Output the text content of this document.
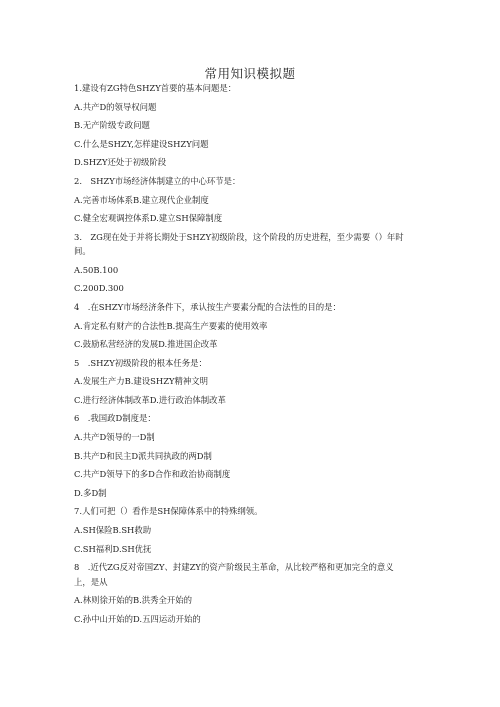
常用知识模拟题
1.建设有ZG特色SHZY首要的基本问题是：
A.共产D的领导权问题
B.无产阶级专政问题
C.什么是SHZY,怎样建设SHZY问题
D.SHZY还处于初级阶段
2.　SHZY市场经济体制建立的中心环节是：
A.完善市场体系B.建立现代企业制度
C.健全宏观调控体系D.建立SH保障制度
3.　ZG现在处于并将长期处于SHZY初级阶段，这个阶段的历史进程，至少需要（）年时
间。
A.50B.100
C.200D.300
4　.在SHZY市场经济条件下，承认按生产要素分配的合法性的目的是：
A.肯定私有财产的合法性B.提高生产要素的使用效率
C.鼓励私营经济的发展D.推进国企改革
5　.SHZY初级阶段的根本任务是：
A.发展生产力B.建设SHZY精神文明
C.进行经济体制改革D.进行政治体制改革
6　.我国政D制度是：
A.共产D领导的一D制
B.共产D和民主D派共同执政的两D制
C.共产D领导下的多D合作和政治协商制度
D.多D制
7.人们可把（）看作是SH保障体系中的特殊纲领。
A.SH保险B.SH救助
C.SH福利D.SH优抚
8　.近代ZG反对帝国ZY、封建ZY的资产阶级民主革命，从比较严格和更加完全的意义
上，是从
A.林则徐开始的B.洪秀全开始的
C.孙中山开始的D.五四运动开始的
